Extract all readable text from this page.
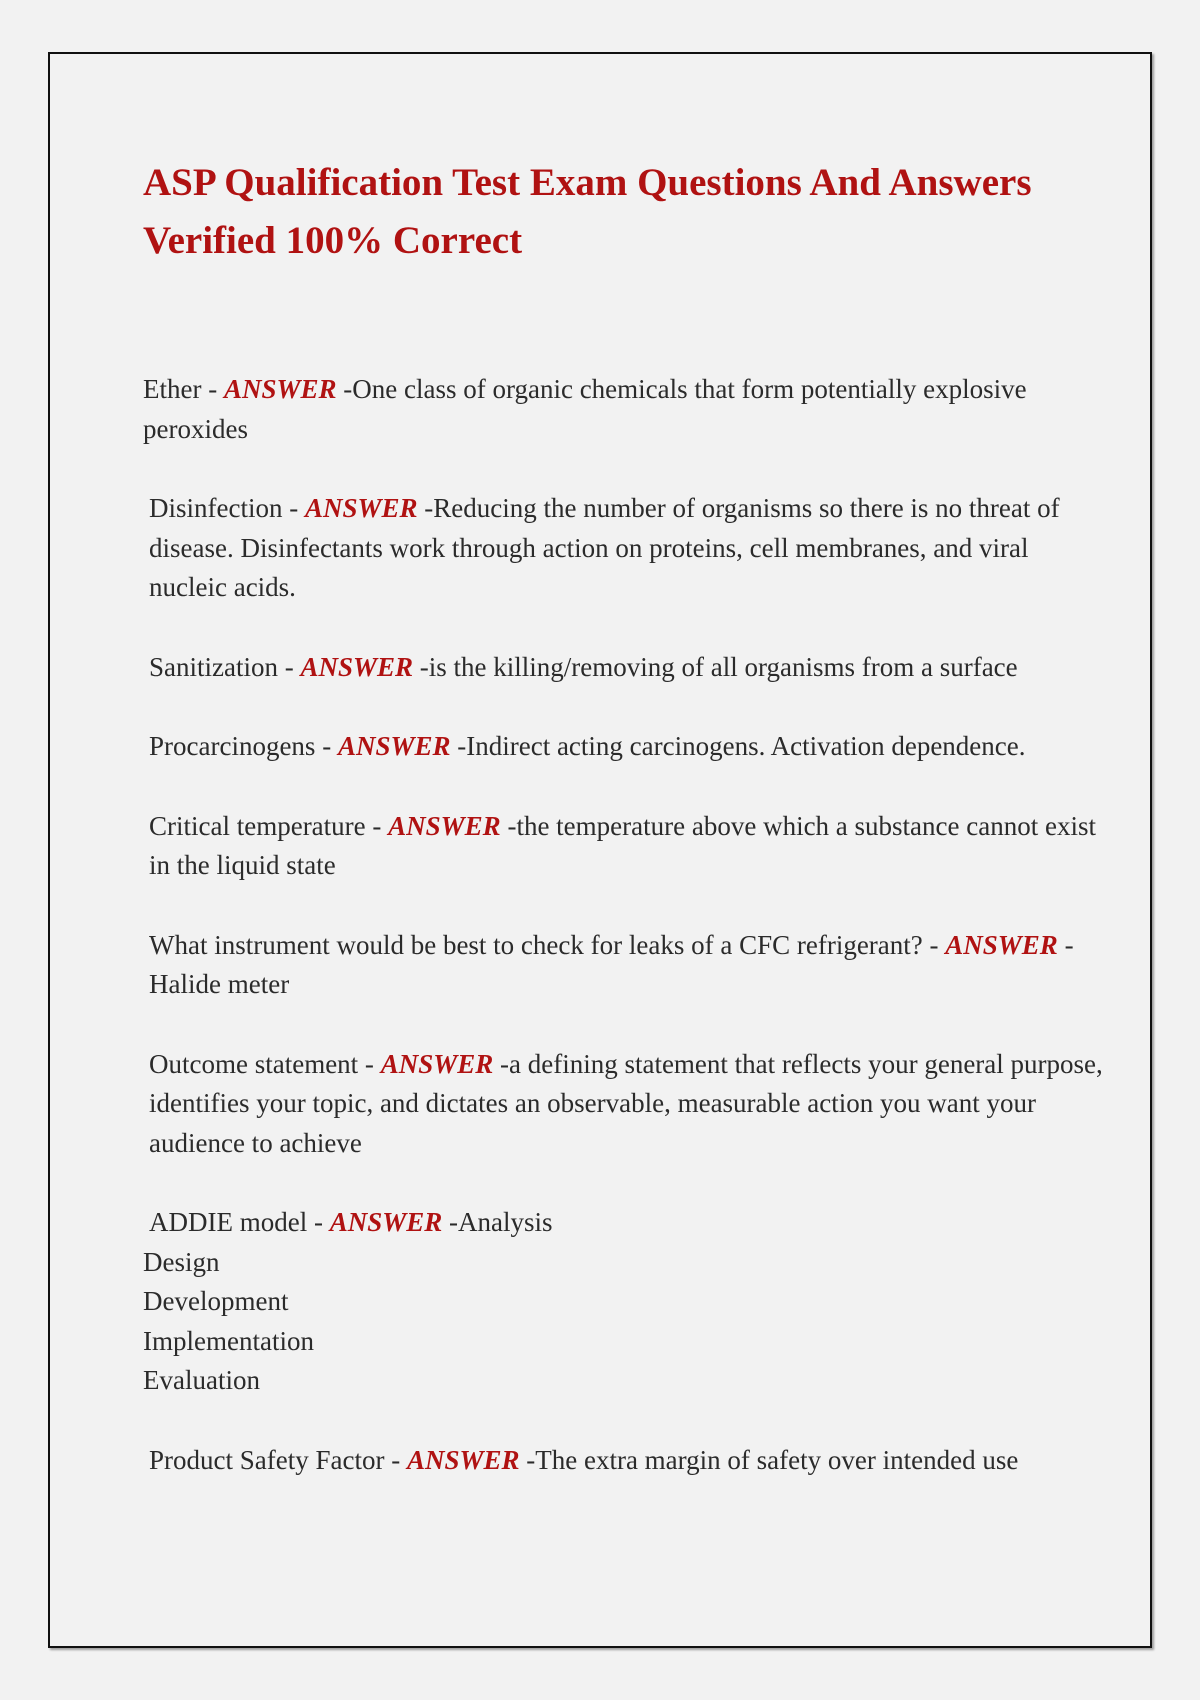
ASP Qualification Test Exam Questions And Answers Verified 100% Correct
Ether - ANSWER -One class of organic chemicals that form potentially explosive peroxides
Disinfection - ANSWER -Reducing the number of organisms so there is no threat of disease. Disinfectants work through action on proteins, cell membranes, and viral nucleic acids.
Sanitization - ANSWER -is the killing/removing of all organisms from a surface
Procarcinogens - ANSWER -Indirect acting carcinogens. Activation dependence.
Critical temperature - ANSWER -the temperature above which a substance cannot exist in the liquid state
What instrument would be best to check for leaks of a CFC refrigerant? - ANSWER -Halide meter
Outcome statement - ANSWER -a defining statement that reflects your general purpose, identifies your topic, and dictates an observable, measurable action you want your audience to achieve
ADDIE model - ANSWER -Analysis
Design
Development
Implementation
Evaluation
Product Safety Factor - ANSWER -The extra margin of safety over intended use
